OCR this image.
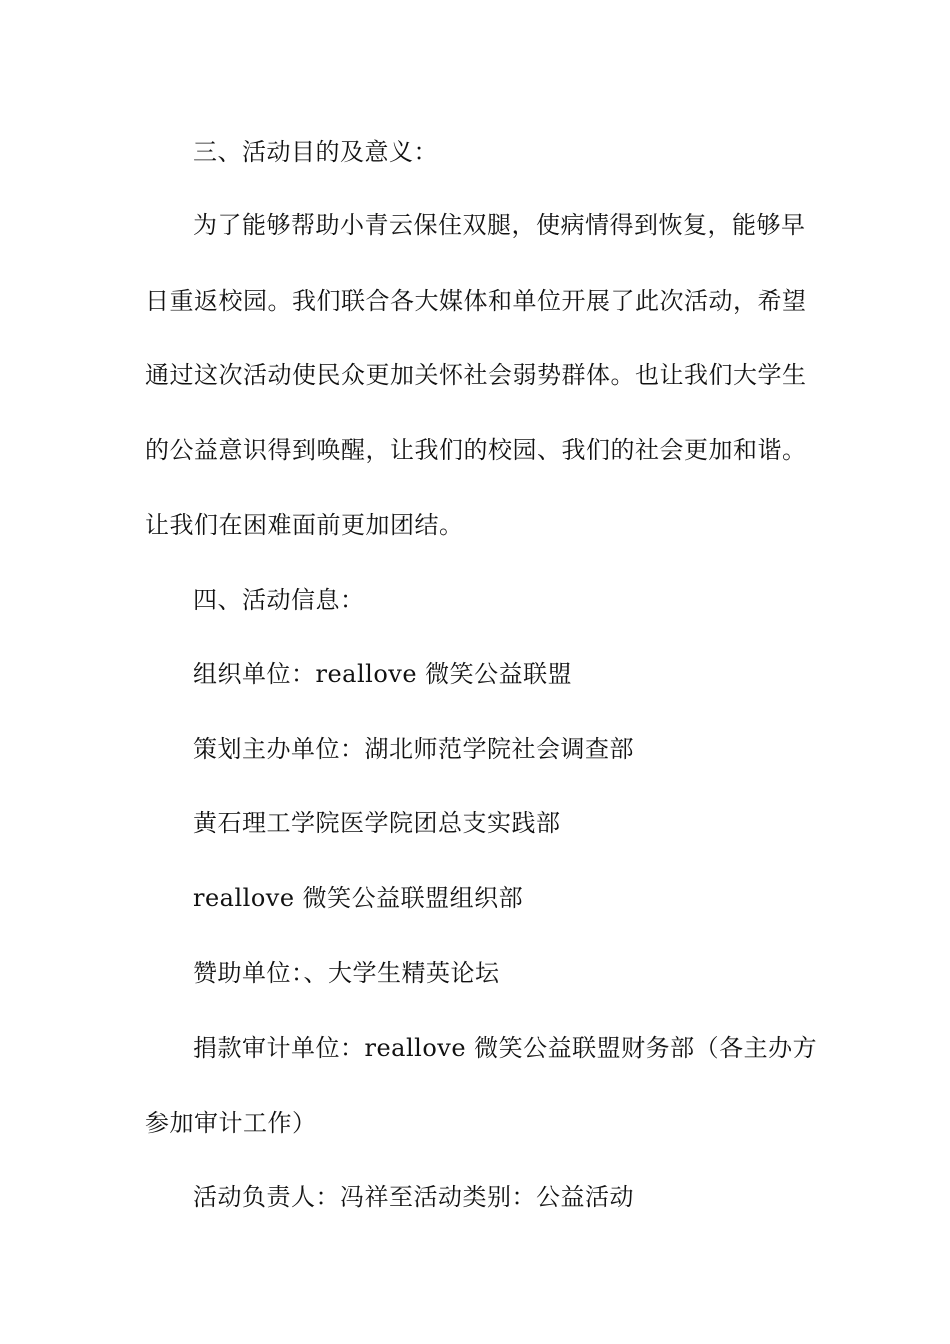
三、活动目的及意义：
为了能够帮助小青云保住双腿，使病情得到恢复，能够早
日重返校园。我们联合各大媒体和单位开展了此次活动，希望
通过这次活动使民众更加关怀社会弱势群体。也让我们大学生
的公益意识得到唤醒，让我们的校园、我们的社会更加和谐。
让我们在困难面前更加团结。
四、活动信息：
组织单位：reallove 微笑公益联盟
策划主办单位：湖北师范学院社会调查部
黄石理工学院医学院团总支实践部
reallove 微笑公益联盟组织部
赞助单位：、大学生精英论坛
捐款审计单位：reallove 微笑公益联盟财务部（各主办方
参加审计工作）
活动负责人：冯祥至活动类别：公益活动
